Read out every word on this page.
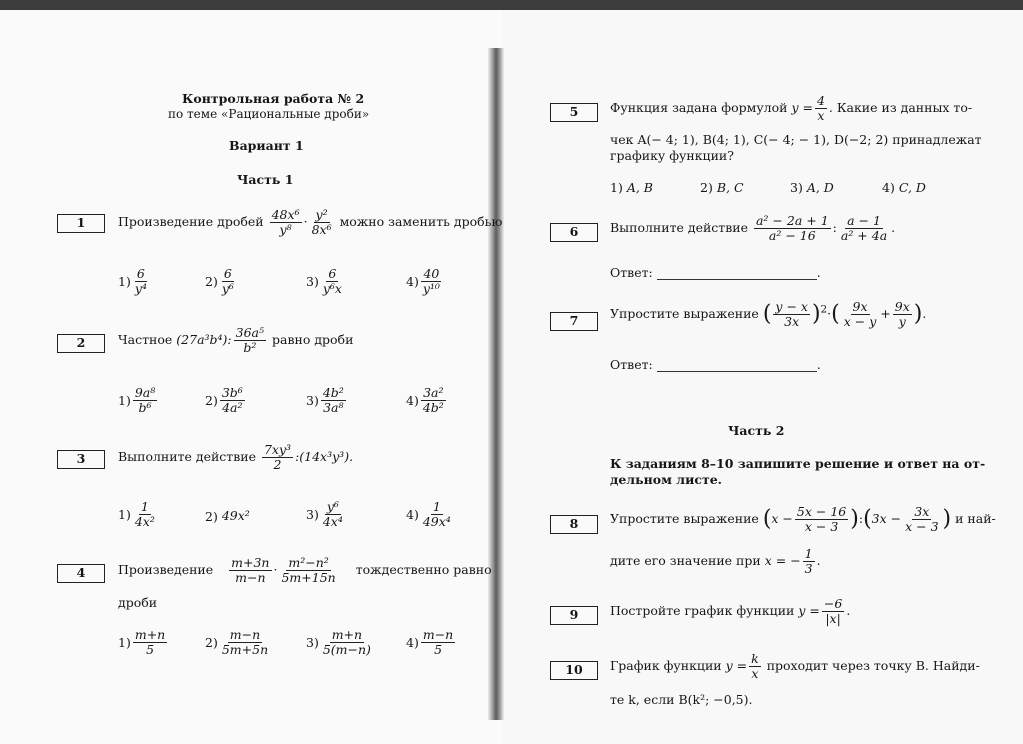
Контрольная работа № 2
по теме «Рациональные дроби»
Вариант 1
Часть 1
1	Произведение дробей $\frac{\text{48x⁶}}{\text{y⁸}} \cdot \frac{\text{y²}}{\text{8x⁶}}$ можно заменить дробью
$1) \frac{6}{\text{y⁴}}$	$2) \frac{6}{\text{y⁶}}$	$3) \frac{6}{\text{y⁶x}}$	$4) \frac{40}{\text{y¹⁰}}$
2	Частное (27a³b⁴): $\frac{\text{36a⁵}}{\text{b²}}$ равно дроби
$1) \frac{\text{9a⁸}}{\text{b⁶}}$	$2) \frac{\text{3b⁶}}{\text{4a²}}$	$3) \frac{\text{4b²}}{\text{3a⁸}}$	$4) \frac{\text{3a²}}{\text{4b²}}$
3	Выполните действие $\frac{\text{7xy³}}{2}$ :(14x³y³).
$1) \frac{1}{\text{4x²}}$	2) 49x²	$3) \frac{\text{y⁶}}{\text{4x⁴}}$	$4) \frac{1}{\text{49x⁴}}$
4	Произведение $\frac{m+3n}{m-n} \cdot \frac{\text{m²−n²}}{5m+15n}$ тождественно равно
дроби
$1) \frac{m+n}{5}$	$2) \frac{m-n}{5m+5n}$	$3) \frac{m+n}{5(m-n)}$	$4) \frac{m-n}{5}$
5	Функция задана формулой $y = \frac{4}{x}$ . Какие из данных то-
чек A(− 4; 1), B(4; 1), C(− 4; − 1), D(−2; 2) принадлежат
графику функции?
1) A, B	2) B, C	3) A, D	4) C, D
6	Выполните действие $\frac{\text{a² − 2a + 1}}{\text{a² − 16}}$ : $\frac{a - 1}{\text{a² + 4a}}$ .
Ответ:	.
7	Упростите выражение ( $\frac{y - x}{3x} )^2\cdot( \frac{9x}{x - y} + \frac{9x}{y}$ ).
Ответ:	.
Часть 2
К заданиям 8–10 запишите решение и ответ на от-
дельном листе.
8	Упростите выражение ($x - \frac{5x - 16}{x - 3}$ ):(3x − $\frac{3x}{x - 3}$ ) и най-
дите его значение при x = − $\frac{1}{3}$ .
9	Постройте график функции $y = \frac{-6}{|x|}$ .
10	График функции $y = \frac{k}{x}$ проходит через точку B. Найди-
те k, если B(k²; −0,5).
